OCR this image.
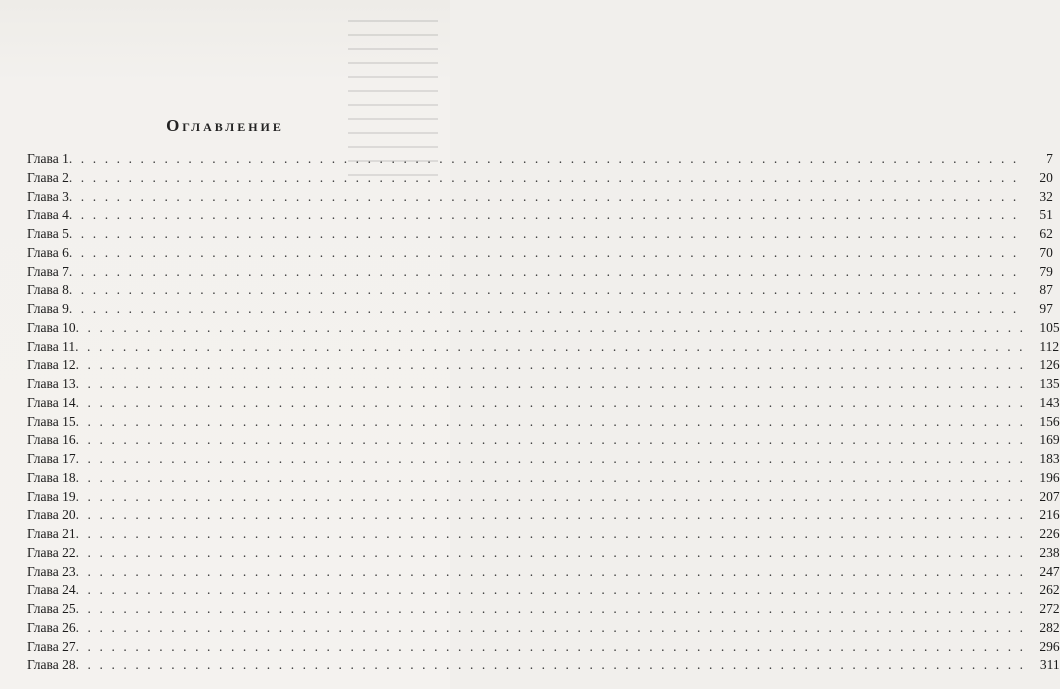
Оглавление
Глава 1 . . . . . . . . . . . . . . . . . . . . . . . . . . . . . . . . . . . . . . . . . . . . . . . . . . . . . . . . . . . . . . . . . . . . . . . . . . . . . . . .	7
Глава 2 . . . . . . . . . . . . . . . . . . . . . . . . . . . . . . . . . . . . . . . . . . . . . . . . . . . . . . . . . . . . . . . . . . . . . . . . . . . . . . . .	20
Глава 3 . . . . . . . . . . . . . . . . . . . . . . . . . . . . . . . . . . . . . . . . . . . . . . . . . . . . . . . . . . . . . . . . . . . . . . . . . . . . . . . .	32
Глава 4 . . . . . . . . . . . . . . . . . . . . . . . . . . . . . . . . . . . . . . . . . . . . . . . . . . . . . . . . . . . . . . . . . . . . . . . . . . . . . . . .	51
Глава 5 . . . . . . . . . . . . . . . . . . . . . . . . . . . . . . . . . . . . . . . . . . . . . . . . . . . . . . . . . . . . . . . . . . . . . . . . . . . . . . . .	62
Глава 6 . . . . . . . . . . . . . . . . . . . . . . . . . . . . . . . . . . . . . . . . . . . . . . . . . . . . . . . . . . . . . . . . . . . . . . . . . . . . . . . .	70
Глава 7 . . . . . . . . . . . . . . . . . . . . . . . . . . . . . . . . . . . . . . . . . . . . . . . . . . . . . . . . . . . . . . . . . . . . . . . . . . . . . . . .	79
Глава 8 . . . . . . . . . . . . . . . . . . . . . . . . . . . . . . . . . . . . . . . . . . . . . . . . . . . . . . . . . . . . . . . . . . . . . . . . . . . . . . . .	87
Глава 9 . . . . . . . . . . . . . . . . . . . . . . . . . . . . . . . . . . . . . . . . . . . . . . . . . . . . . . . . . . . . . . . . . . . . . . . . . . . . . . . .	97
Глава 10 . . . . . . . . . . . . . . . . . . . . . . . . . . . . . . . . . . . . . . . . . . . . . . . . . . . . . . . . . . . . . . . . . . . . . . . . . . . . . . . . 105
Глава 11 . . . . . . . . . . . . . . . . . . . . . . . . . . . . . . . . . . . . . . . . . . . . . . . . . . . . . . . . . . . . . . . . . . . . . . . . . . . . . . . . 112
Глава 12 . . . . . . . . . . . . . . . . . . . . . . . . . . . . . . . . . . . . . . . . . . . . . . . . . . . . . . . . . . . . . . . . . . . . . . . . . . . . . . . . 126
Глава 13 . . . . . . . . . . . . . . . . . . . . . . . . . . . . . . . . . . . . . . . . . . . . . . . . . . . . . . . . . . . . . . . . . . . . . . . . . . . . . . . . 135
Глава 14 . . . . . . . . . . . . . . . . . . . . . . . . . . . . . . . . . . . . . . . . . . . . . . . . . . . . . . . . . . . . . . . . . . . . . . . . . . . . . . . . 143
Глава 15 . . . . . . . . . . . . . . . . . . . . . . . . . . . . . . . . . . . . . . . . . . . . . . . . . . . . . . . . . . . . . . . . . . . . . . . . . . . . . . . . 156
Глава 16 . . . . . . . . . . . . . . . . . . . . . . . . . . . . . . . . . . . . . . . . . . . . . . . . . . . . . . . . . . . . . . . . . . . . . . . . . . . . . . . . 169
Глава 17 . . . . . . . . . . . . . . . . . . . . . . . . . . . . . . . . . . . . . . . . . . . . . . . . . . . . . . . . . . . . . . . . . . . . . . . . . . . . . . . . 183
Глава 18 . . . . . . . . . . . . . . . . . . . . . . . . . . . . . . . . . . . . . . . . . . . . . . . . . . . . . . . . . . . . . . . . . . . . . . . . . . . . . . . . 196
Глава 19 . . . . . . . . . . . . . . . . . . . . . . . . . . . . . . . . . . . . . . . . . . . . . . . . . . . . . . . . . . . . . . . . . . . . . . . . . . . . . . . . 207
Глава 20 . . . . . . . . . . . . . . . . . . . . . . . . . . . . . . . . . . . . . . . . . . . . . . . . . . . . . . . . . . . . . . . . . . . . . . . . . . . . . . . . 216
Глава 21 . . . . . . . . . . . . . . . . . . . . . . . . . . . . . . . . . . . . . . . . . . . . . . . . . . . . . . . . . . . . . . . . . . . . . . . . . . . . . . . . 226
Глава 22 . . . . . . . . . . . . . . . . . . . . . . . . . . . . . . . . . . . . . . . . . . . . . . . . . . . . . . . . . . . . . . . . . . . . . . . . . . . . . . . . 238
Глава 23 . . . . . . . . . . . . . . . . . . . . . . . . . . . . . . . . . . . . . . . . . . . . . . . . . . . . . . . . . . . . . . . . . . . . . . . . . . . . . . . . 247
Глава 24 . . . . . . . . . . . . . . . . . . . . . . . . . . . . . . . . . . . . . . . . . . . . . . . . . . . . . . . . . . . . . . . . . . . . . . . . . . . . . . . . 262
Глава 25 . . . . . . . . . . . . . . . . . . . . . . . . . . . . . . . . . . . . . . . . . . . . . . . . . . . . . . . . . . . . . . . . . . . . . . . . . . . . . . . . 272
Глава 26 . . . . . . . . . . . . . . . . . . . . . . . . . . . . . . . . . . . . . . . . . . . . . . . . . . . . . . . . . . . . . . . . . . . . . . . . . . . . . . . . 282
Глава 27 . . . . . . . . . . . . . . . . . . . . . . . . . . . . . . . . . . . . . . . . . . . . . . . . . . . . . . . . . . . . . . . . . . . . . . . . . . . . . . . . 296
Глава 28 . . . . . . . . . . . . . . . . . . . . . . . . . . . . . . . . . . . . . . . . . . . . . . . . . . . . . . . . . . . . . . . . . . . . . . . . . . . . . . . . 311
